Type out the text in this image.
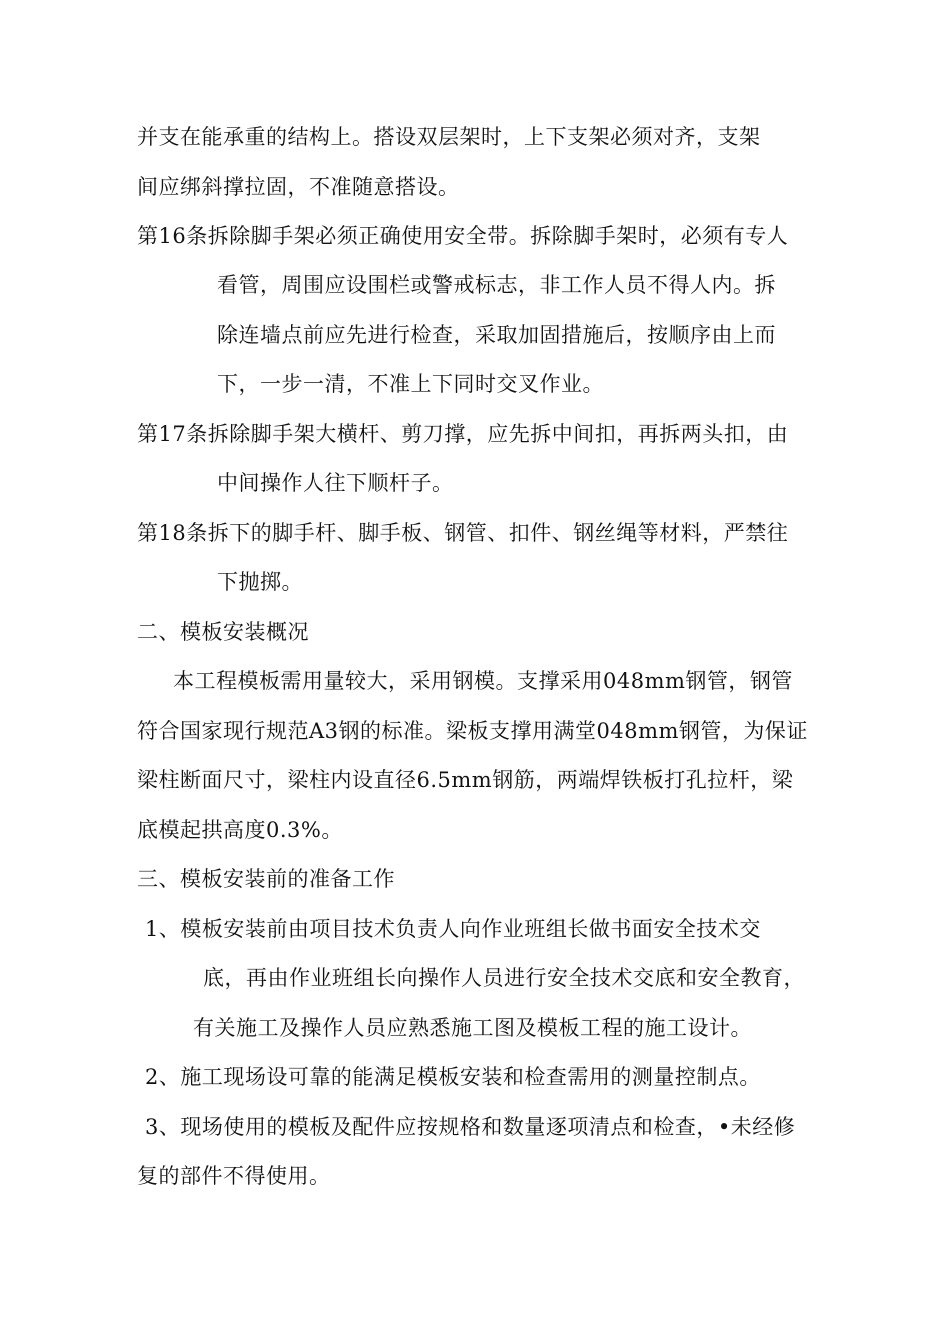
并支在能承重的结构上。搭设双层架时，上下支架必须对齐，支架
间应绑斜撑拉固，不准随意搭设。
第16条拆除脚手架必须正确使用安全带。拆除脚手架时，必须有专人
看管，周围应设围栏或警戒标志，非工作人员不得人内。拆
除连墙点前应先进行检查，采取加固措施后，按顺序由上而
下，一步一清，不准上下同时交叉作业。
第17条拆除脚手架大横杆、剪刀撑，应先拆中间扣，再拆两头扣，由
中间操作人往下顺杆子。
第18条拆下的脚手杆、脚手板、钢管、扣件、钢丝绳等材料，严禁往
下抛掷。
二、模板安装概况
本工程模板需用量较大，采用钢模。支撑采用048mm钢管，钢管
符合国家现行规范A3钢的标准。梁板支撑用满堂048mm钢管，为保证
梁柱断面尺寸，梁柱内设直径6.5mm钢筋，两端焊铁板打孔拉杆，梁
底模起拱高度0.3%。
三、模板安装前的准备工作
1、模板安装前由项目技术负责人向作业班组长做书面安全技术交
底，再由作业班组长向操作人员进行安全技术交底和安全教育，
有关施工及操作人员应熟悉施工图及模板工程的施工设计。
2、施工现场设可靠的能满足模板安装和检查需用的测量控制点。
3、现场使用的模板及配件应按规格和数量逐项清点和检查，•未经修
复的部件不得使用。
